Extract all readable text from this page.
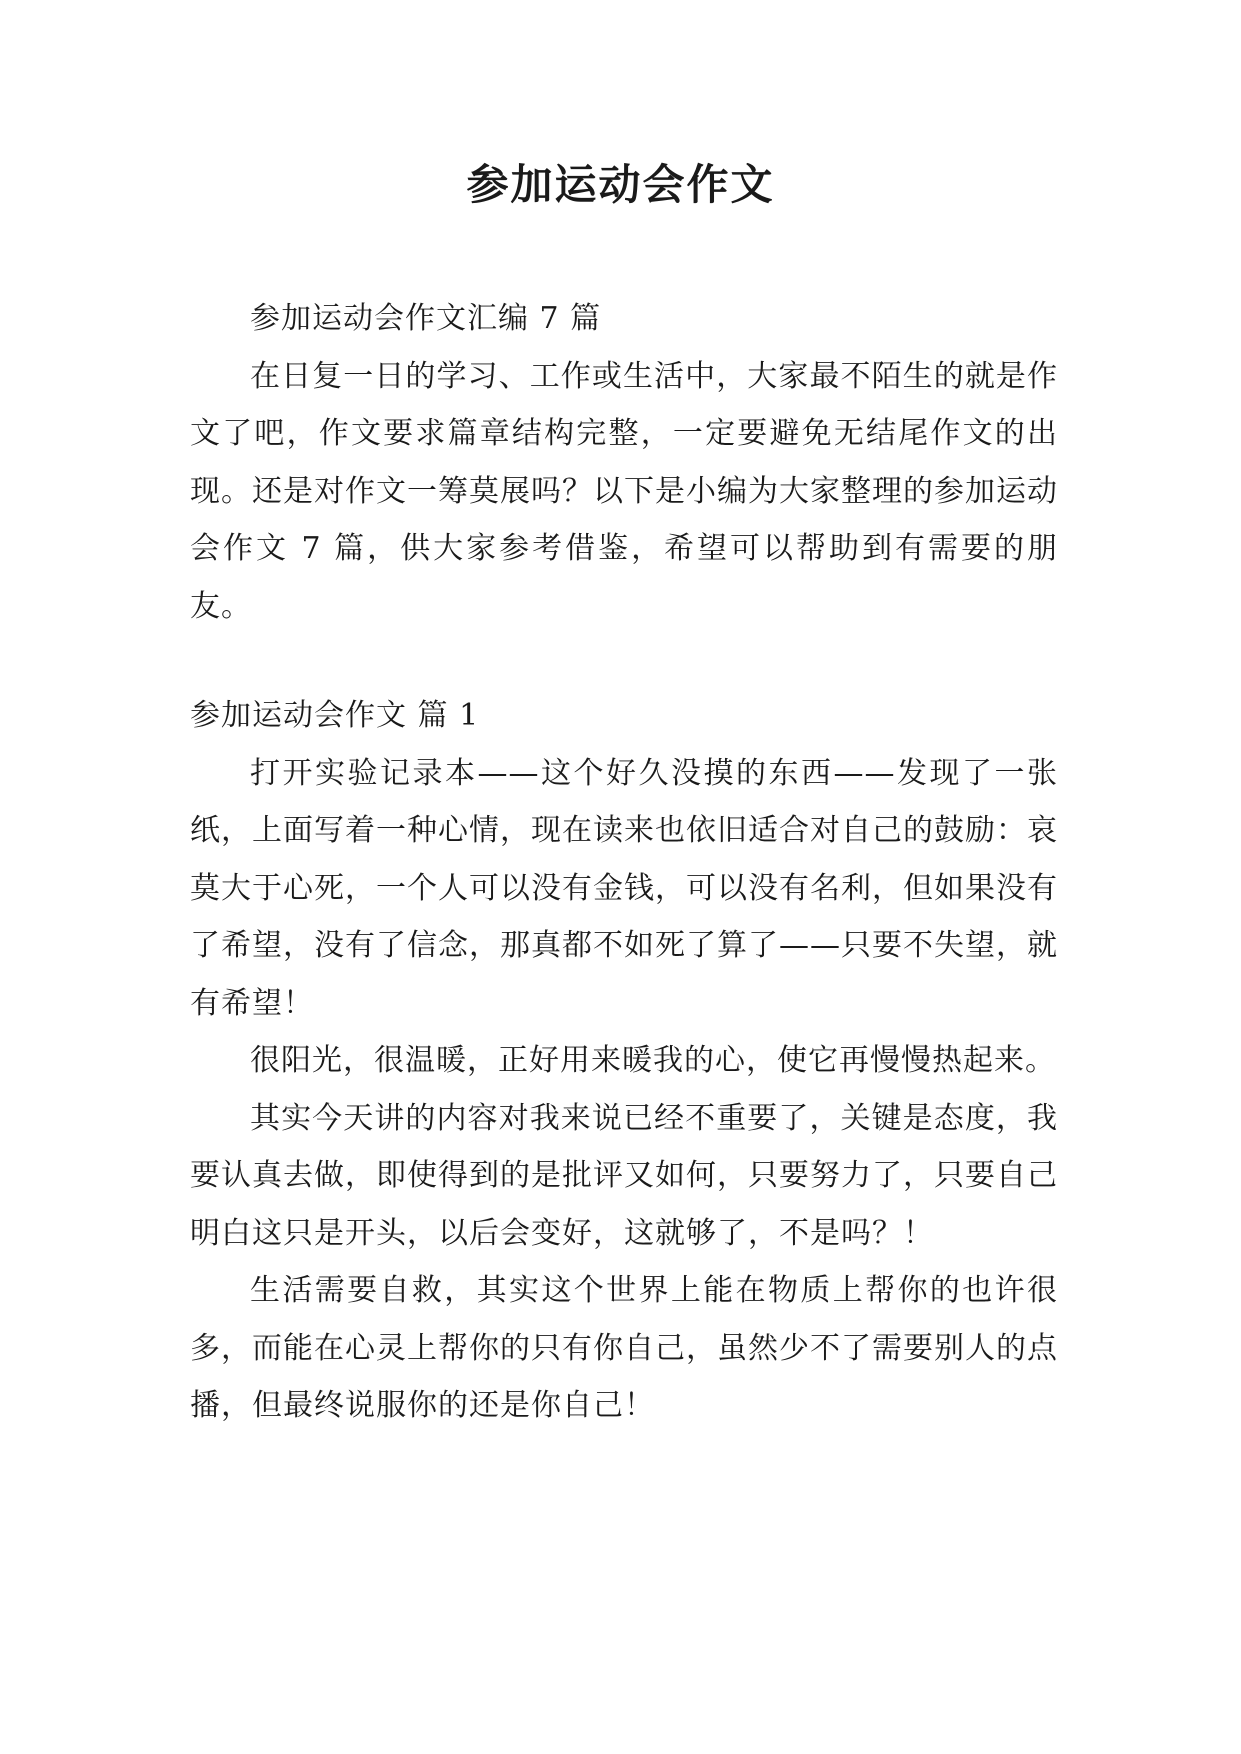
参加运动会作文

参加运动会作文汇编 7 篇

在日复一日的学习、工作或生活中，大家最不陌生的就是作文了吧，作文要求篇章结构完整，一定要避免无结尾作文的出现。还是对作文一筹莫展吗？以下是小编为大家整理的参加运动会作文 7 篇，供大家参考借鉴，希望可以帮助到有需要的朋友。

参加运动会作文 篇 1

打开实验记录本——这个好久没摸的东西——发现了一张纸，上面写着一种心情，现在读来也依旧适合对自己的鼓励：哀莫大于心死，一个人可以没有金钱，可以没有名利，但如果没有了希望，没有了信念，那真都不如死了算了——只要不失望，就有希望！

很阳光，很温暖，正好用来暖我的心，使它再慢慢热起来。

其实今天讲的内容对我来说已经不重要了，关键是态度，我要认真去做，即使得到的是批评又如何，只要努力了，只要自己明白这只是开头，以后会变好，这就够了，不是吗？！

生活需要自救，其实这个世界上能在物质上帮你的也许很多，而能在心灵上帮你的只有你自己，虽然少不了需要别人的点播，但最终说服你的还是你自己！
